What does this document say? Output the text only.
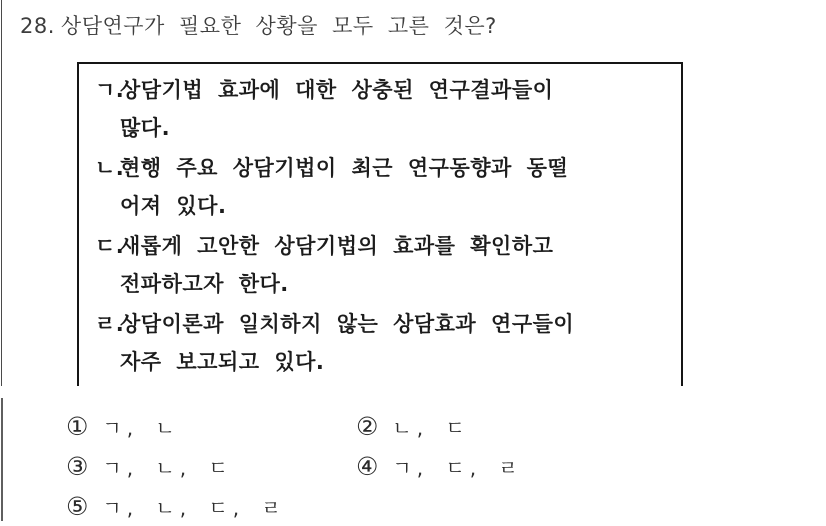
28. 상담연구가 필요한 상황을 모두 고른 것은?
ㄱ.
상담기법 효과에 대한 상충된 연구결과들이
많다.
ㄴ.
현행 주요 상담기법이 최근 연구동향과 동떨
어져 있다.
ㄷ.
새롭게 고안한 상담기법의 효과를 확인하고
전파하고자 한다.
ㄹ.
상담이론과 일치하지 않는 상담효과 연구들이
자주 보고되고 있다.
① ㄱ, ㄴ	② ㄴ, ㄷ
③ ㄱ, ㄴ, ㄷ	④ ㄱ, ㄷ, ㄹ
⑤ ㄱ, ㄴ, ㄷ, ㄹ
